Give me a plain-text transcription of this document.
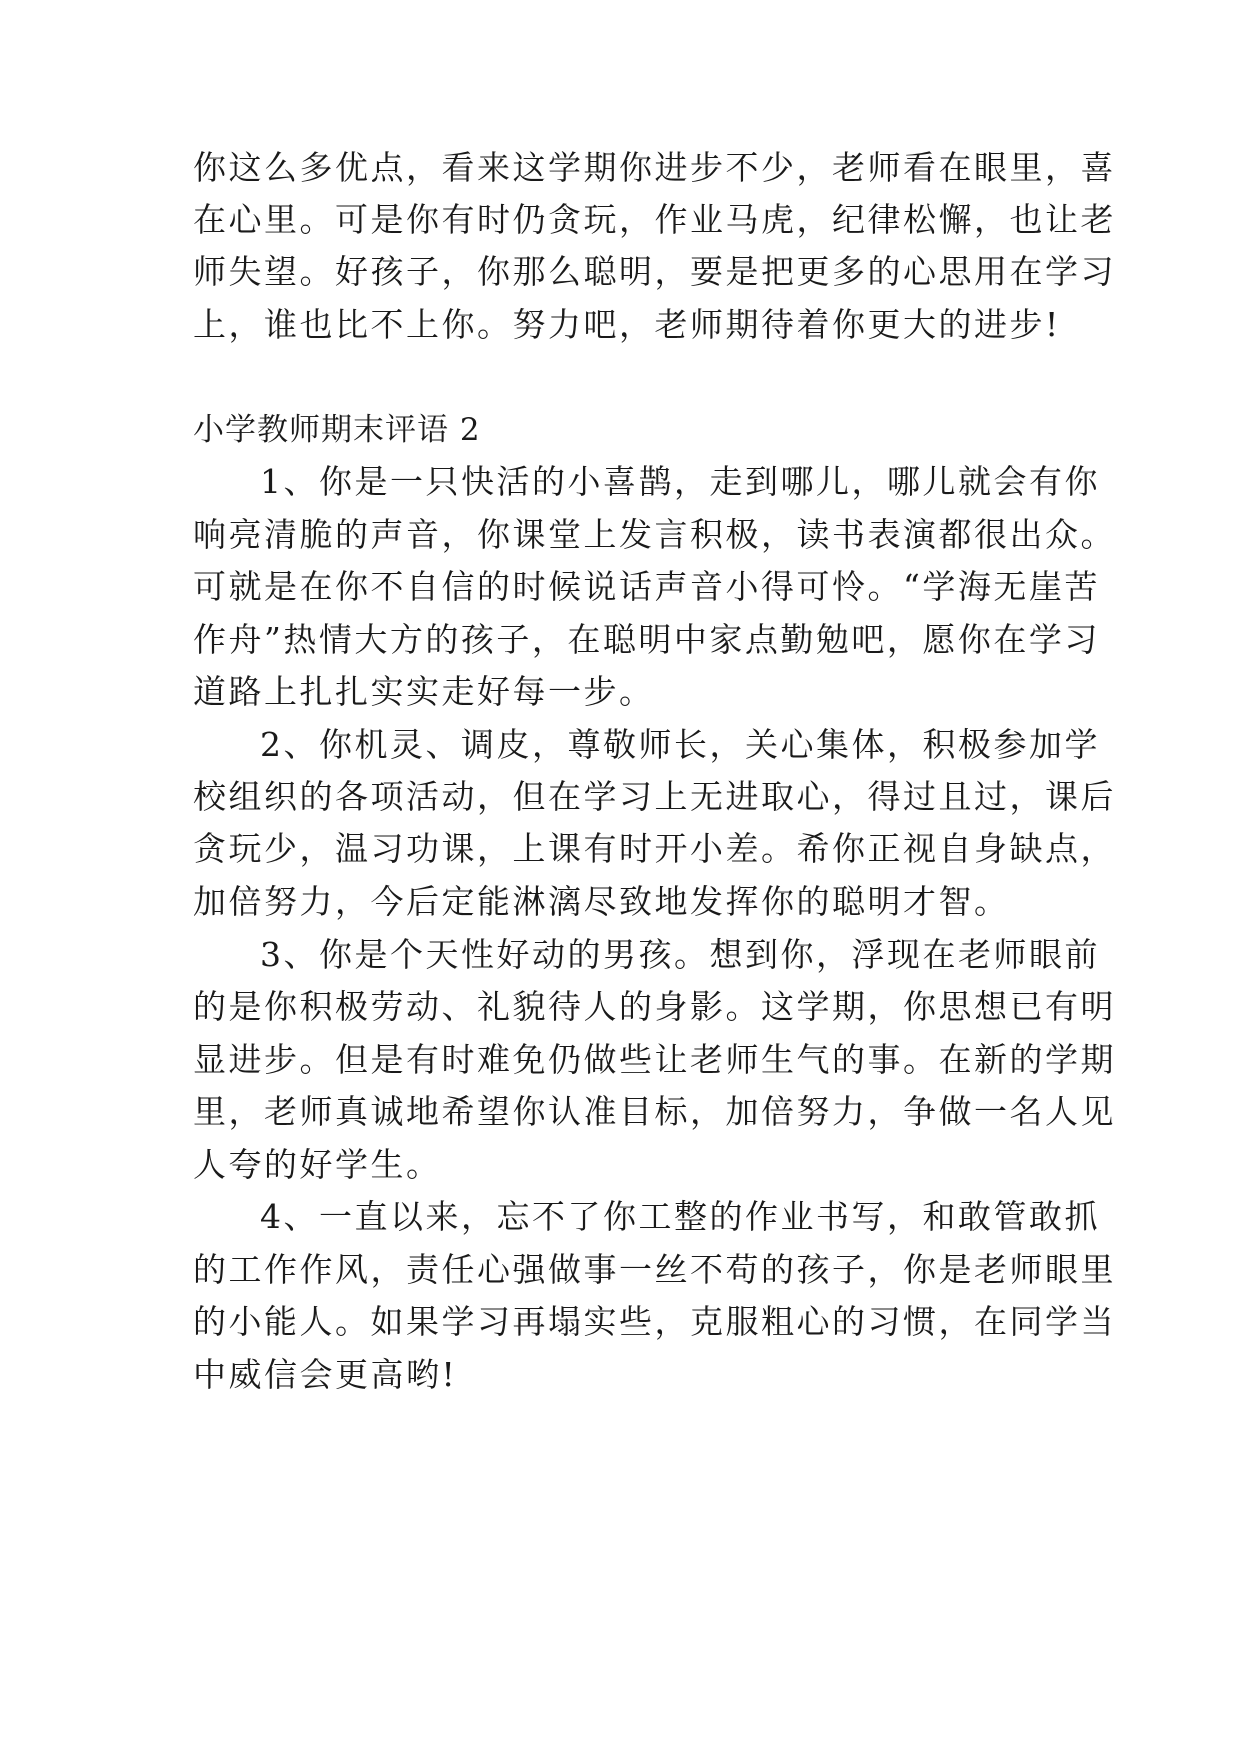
你这么多优点，看来这学期你进步不少，老师看在眼里，喜

在心里。可是你有时仍贪玩，作业马虎，纪律松懈，也让老

师失望。好孩子，你那么聪明，要是把更多的心思用在学习

上，谁也比不上你。努力吧，老师期待着你更大的进步!

小学教师期末评语 2

1、你是一只快活的小喜鹊，走到哪儿，哪儿就会有你

响亮清脆的声音，你课堂上发言积极，读书表演都很出众。

可就是在你不自信的时候说话声音小得可怜。“学海无崖苦

作舟”热情大方的孩子，在聪明中家点勤勉吧，愿你在学习

道路上扎扎实实走好每一步。

2、你机灵、调皮，尊敬师长，关心集体，积极参加学

校组织的各项活动，但在学习上无进取心，得过且过，课后

贪玩少，温习功课，上课有时开小差。希你正视自身缺点，

加倍努力，今后定能淋漓尽致地发挥你的聪明才智。

3、你是个天性好动的男孩。想到你，浮现在老师眼前

的是你积极劳动、礼貌待人的身影。这学期，你思想已有明

显进步。但是有时难免仍做些让老师生气的事。在新的学期

里，老师真诚地希望你认准目标，加倍努力，争做一名人见

人夸的好学生。

4、一直以来，忘不了你工整的作业书写，和敢管敢抓

的工作作风，责任心强做事一丝不苟的孩子，你是老师眼里

的小能人。如果学习再塌实些，克服粗心的习惯，在同学当

中威信会更高哟!
